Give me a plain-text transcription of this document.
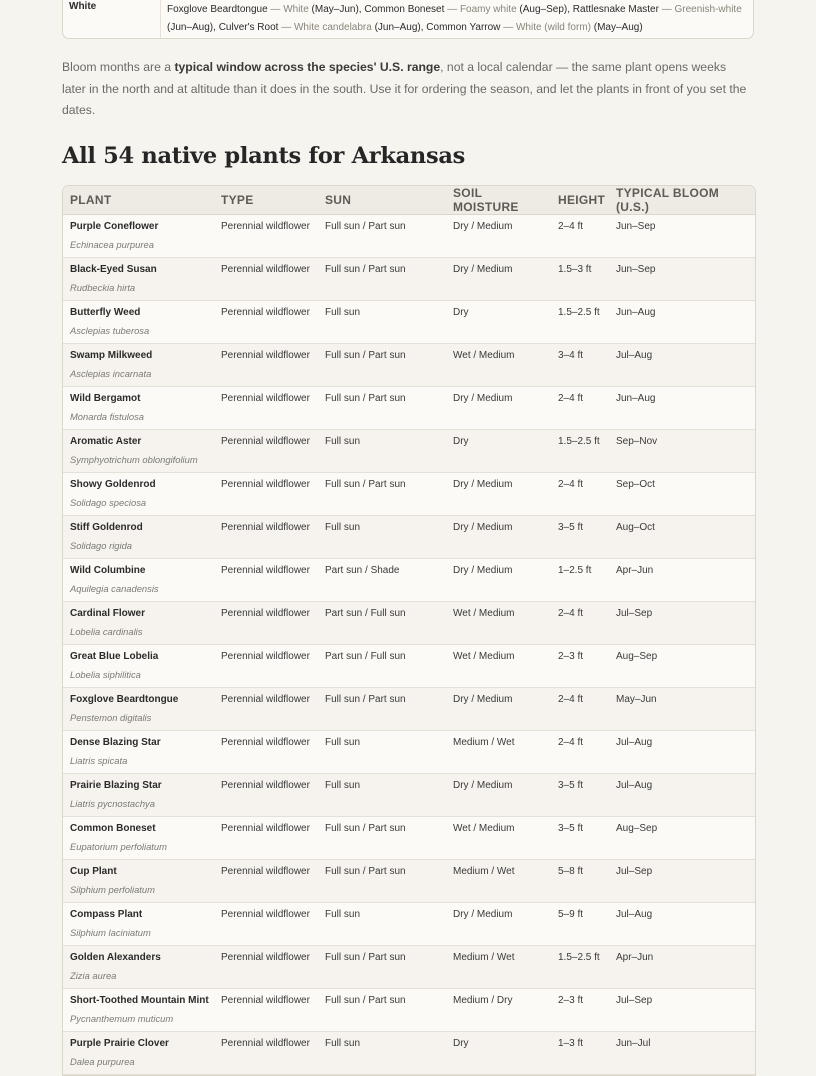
White	Foxglove Beardtongue — White (May–Jun), Common Boneset — Foamy white (Aug–Sep), Rattlesnake Master — Greenish-white
(Jun–Aug), Culver's Root — White candelabra (Jun–Aug), Common Yarrow — White (wild form) (May–Aug)

Bloom months are a typical window across the species' U.S. range, not a local calendar — the same plant opens weeks later in the north and at altitude than it does in the south. Use it for ordering the season, and let the plants in front of you set the dates.

All 54 native plants for Arkansas
PLANT	TYPE	SUN	SOIL MOISTURE	HEIGHT	TYPICAL BLOOM (U.S.)

Purple Coneflower
Echinacea purpurea	Perennial wildflower	Full sun / Part sun	Dry / Medium	2–4 ft	Jun–Sep

Black-Eyed Susan
Rudbeckia hirta	Perennial wildflower	Full sun / Part sun	Dry / Medium	1.5–3 ft	Jun–Sep

Butterfly Weed
Asclepias tuberosa	Perennial wildflower	Full sun	Dry	1.5–2.5 ft	Jun–Aug

Swamp Milkweed
Asclepias incarnata	Perennial wildflower	Full sun / Part sun	Wet / Medium	3–4 ft	Jul–Aug

Wild Bergamot
Monarda fistulosa	Perennial wildflower	Full sun / Part sun	Dry / Medium	2–4 ft	Jun–Aug

Aromatic Aster
Symphyotrichum oblongifolium	Perennial wildflower	Full sun	Dry	1.5–2.5 ft	Sep–Nov

Showy Goldenrod
Solidago speciosa	Perennial wildflower	Full sun / Part sun	Dry / Medium	2–4 ft	Sep–Oct

Stiff Goldenrod
Solidago rigida	Perennial wildflower	Full sun	Dry / Medium	3–5 ft	Aug–Oct

Wild Columbine
Aquilegia canadensis	Perennial wildflower	Part sun / Shade	Dry / Medium	1–2.5 ft	Apr–Jun

Cardinal Flower
Lobelia cardinalis	Perennial wildflower	Part sun / Full sun	Wet / Medium	2–4 ft	Jul–Sep

Great Blue Lobelia
Lobelia siphilitica	Perennial wildflower	Part sun / Full sun	Wet / Medium	2–3 ft	Aug–Sep

Foxglove Beardtongue
Penstemon digitalis	Perennial wildflower	Full sun / Part sun	Dry / Medium	2–4 ft	May–Jun

Dense Blazing Star
Liatris spicata	Perennial wildflower	Full sun	Medium / Wet	2–4 ft	Jul–Aug

Prairie Blazing Star
Liatris pycnostachya	Perennial wildflower	Full sun	Dry / Medium	3–5 ft	Jul–Aug

Common Boneset
Eupatorium perfoliatum	Perennial wildflower	Full sun / Part sun	Wet / Medium	3–5 ft	Aug–Sep

Cup Plant
Silphium perfoliatum	Perennial wildflower	Full sun / Part sun	Medium / Wet	5–8 ft	Jul–Sep

Compass Plant
Silphium laciniatum	Perennial wildflower	Full sun	Dry / Medium	5–9 ft	Jul–Aug

Golden Alexanders
Zizia aurea	Perennial wildflower	Full sun / Part sun	Medium / Wet	1.5–2.5 ft	Apr–Jun

Short-Toothed Mountain Mint
Pycnanthemum muticum	Perennial wildflower	Full sun / Part sun	Medium / Dry	2–3 ft	Jul–Sep

Purple Prairie Clover
Dalea purpurea	Perennial wildflower	Full sun	Dry	1–3 ft	Jun–Jul
